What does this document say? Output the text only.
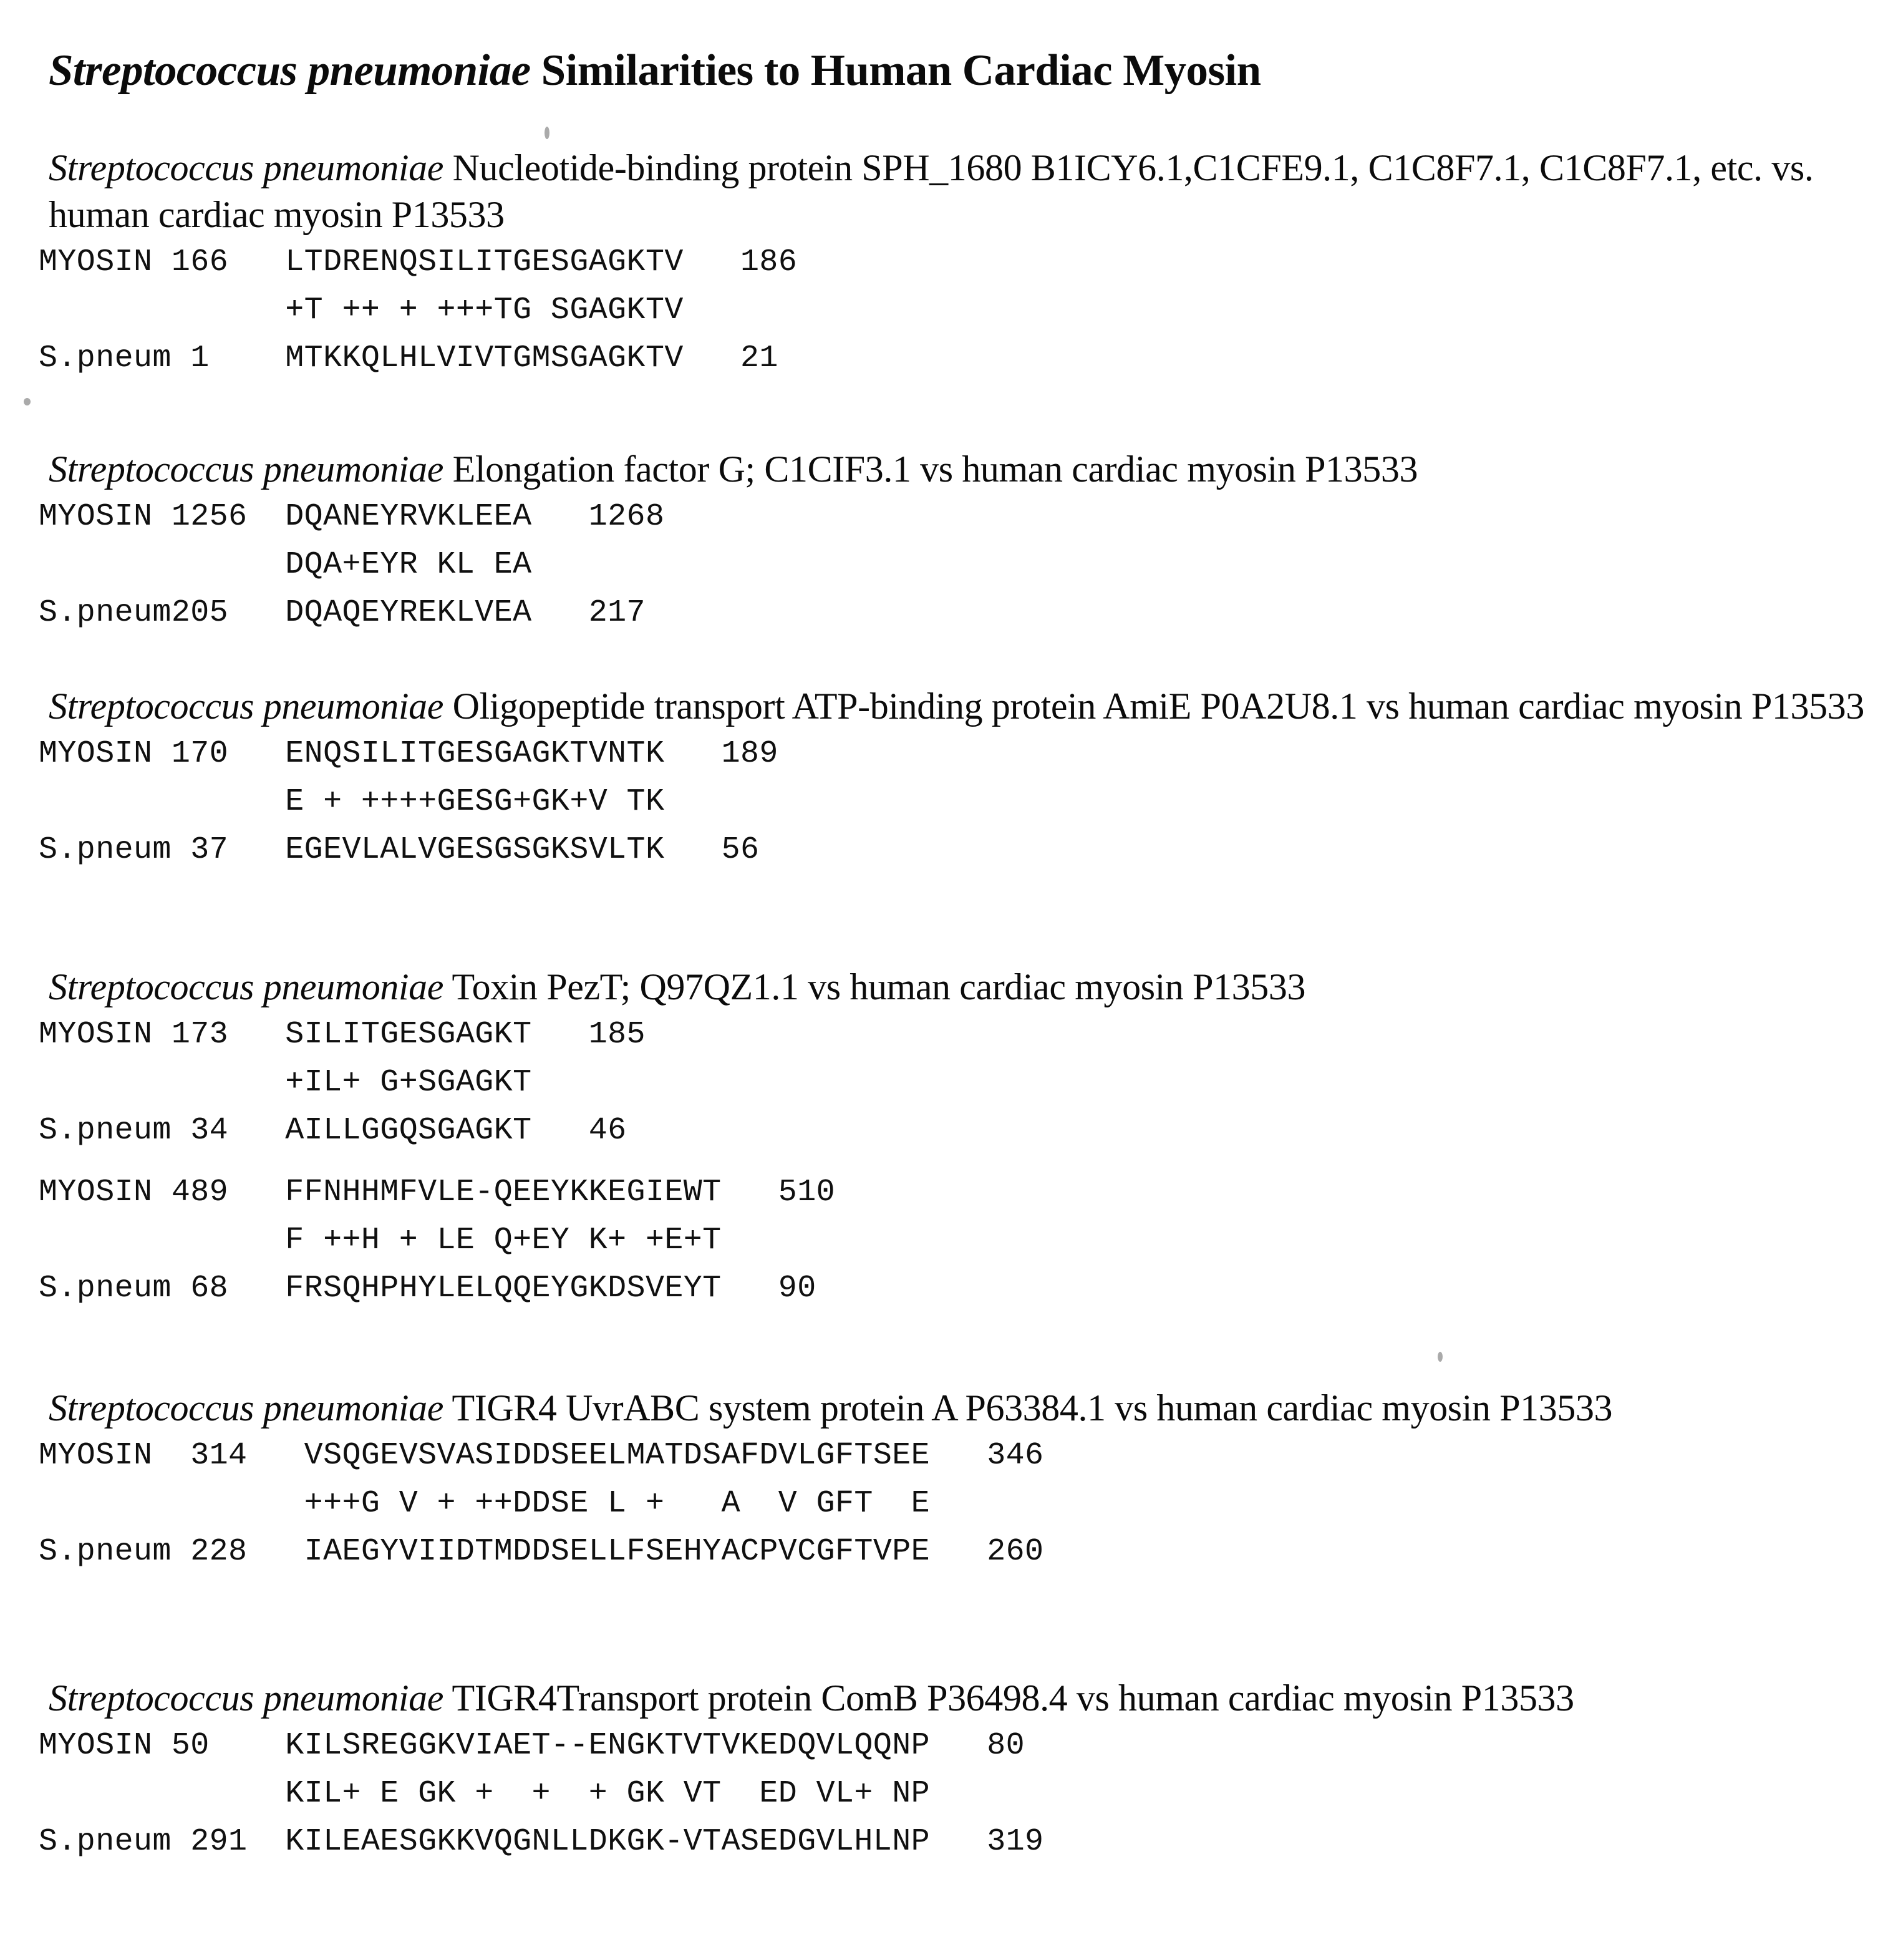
Streptococcus pneumoniae Similarities to Human Cardiac Myosin
Streptococcus pneumoniae Nucleotide-binding protein SPH_1680 B1ICY6.1,C1CFE9.1, C1C8F7.1, C1C8F7.1, etc. vs. human cardiac myosin P13533
MYOSIN 166   LTDRENQSILITGESGAGKTV   186
+T ++ + +++TG SGAGKTV
S.pneum 1    MTKKQLHLVIVTGMSGAGKTV   21
Streptococcus pneumoniae Elongation factor G; C1CIF3.1 vs human cardiac myosin P13533
MYOSIN 1256  DQANEYRVKLEEA   1268
DQA+EYR KL EA
S.pneum205   DQAQEYREKLVEA   217
Streptococcus pneumoniae Oligopeptide transport ATP-binding protein AmiE P0A2U8.1 vs human cardiac myosin P13533
MYOSIN 170   ENQSILITGESGAGKTVNTK   189
E + ++++GESG+GK+V TK
S.pneum 37   EGEVLALVGESGSGKSVLTK   56
Streptococcus pneumoniae Toxin PezT; Q97QZ1.1 vs human cardiac myosin P13533
MYOSIN 173   SILITGESGAGKT   185
+IL+ G+SGAGKT
S.pneum 34   AILLGGQSGAGKT   46
MYOSIN 489   FFNHHMFVLE-QEEYKKEGIEWT   510
F ++H + LE Q+EY K+ +E+T
S.pneum 68   FRSQHPHYLELQQEYGKDSVEYT   90
Streptococcus pneumoniae TIGR4 UvrABC system protein A P63384.1 vs human cardiac myosin P13533
MYOSIN  314   VSQGEVSVASIDDSEELMATDSAFDVLGFTSEE   346
+++G V + ++DDSE L +   A  V GFT  E
S.pneum 228   IAEGYVIIDTMDDSELLFSEHYACPVCGFTVPE   260
Streptococcus pneumoniae TIGR4Transport protein ComB P36498.4 vs human cardiac myosin P13533
MYOSIN 50    KILSREGGKVIAET--ENGKTVTVKEDQVLQQNP   80
KIL+ E GK +  +  + GK VT  ED VL+ NP
S.pneum 291  KILEAESGKKVQGNLLDKGK-VTASEDGVLHLNP   319
